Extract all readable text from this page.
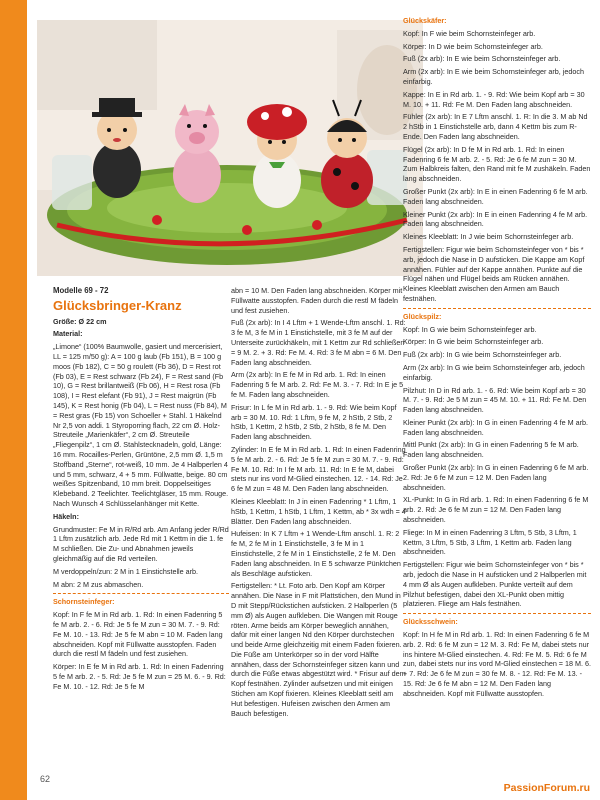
Modelle 69 - 72
Glücksbringer-Kranz

Größe: Ø 22 cm

Material:

„Limone“ (100% Baumwolle, gasiert und mercerisiert, LL = 125 m/50 g): A = 100 g laub (Fb 151), B = 100 g moos (Fb 182), C = 50 g roulett (Fb 36), D = Rest rot (Fb 03), E = Rest schwarz (Fb 24), F = Rest sand (Fb 10), G = Rest brillantweiß (Fb 06), H = Rest rosa (Fb 108), I = Rest elefant (Fb 91), J = Rest maigrün (Fb 145), K = Rest honig (Fb 04), L = Rest nuss (Fb 84), M = Rest gras (Fb 15) von Schoeller + Stahl. 1 Häkelnd Nr 2,5 von addi. 1 Styroporring flach, 22 cm Ø. Holz-Streuteile „Marienkäfer“, 2 cm Ø. Streuteile „Fliegenpilz“, 1 cm Ø. Stahlstecknadeln, gold, Länge: 16 mm. Rocailles-Perlen, Grüntöne, 2,5 mm Ø. 1,5 m Stoffband „Sterne“, rot-weiß, 10 mm. Je 4 Halbperlen 4 und 5 mm, schwarz, 4 + 5 mm. Füllwatte, beige. 80 cm weißes Spitzenband, 10 mm breit. Doppelseitiges Klebeband. 2 Teelichter. Teelichtgläser, 15 mm. Rouge. Nach Wunsch 4 Schlüsselanhänger mit Kette.

Häkeln:

Grundmuster: Fe M in R/Rd arb. Am Anfang jeder R/Rd 1 Lftm zusätzlich arb. Jede Rd mit 1 Kettm in die 1. fe M schließen. Die Zu- und Abnahmen jeweils gleichmäßig auf die Rd verteilen.

M verdoppeln/zun: 2 M in 1 Einstichstelle arb.

M abn: 2 M zus abmaschen.

Schornsteinfeger:

Kopf: In F fe M in Rd arb. 1. Rd: In einen Fadenring 5 fe M arb. 2. - 6. Rd: Je 5 fe M zun = 30 M. 7. - 9. Rd: Fe M. 10. - 13. Rd: Je 5 fe M abn = 10 M. Faden lang abschneiden. Kopf mit Füllwatte ausstopfen. Faden durch die restl M fädeln und fest zusiehen.

Körper: In E fe M in Rd arb. 1. Rd: In einen Fadenring 5 fe M arb. 2. - 5. Rd: Je 5 fe M zun = 25 M. 6. - 9. Rd: Fe M. 10. - 12. Rd: Je 5 fe M

abn = 10 M. Den Faden lang abschneiden. Körper mit Füllwatte ausstopfen. Faden durch die restl M fädeln und fest zusiehen.

Fuß (2x arb): In I 4 Lftm + 1 Wende-Lftm anschl. 1. Rd: 3 fe M, 3 fe M in 1 Einstichstelle, mit 3 fe M auf der Unterseite zurückhäkeln, mit 1 Kettm zur Rd schließen = 9 M. 2. + 3. Rd: Fe M. 4. Rd: 3 fe M abn = 6 M. Den Faden lang abschneiden.

Arm (2x arb): In E fe M in Rd arb. 1. Rd: In einen Fadenring 5 fe M arb. 2. Rd: Fe M. 3. - 7. Rd: In E je 5 fe M. Faden lang abschneiden.

Frisur: In L fe M in Rd arb. 1. - 9. Rd: Wie beim Kopf arb = 30 M. 10. Rd: 1 Lftm, 9 fe M, 2 hStb, 2 Stb, 2 hStb, 1 Kettm, 2 hStb, 2 Stb, 2 hStb, 8 fe M. Den Faden lang abschneiden.

Zylinder: In E fe M in Rd arb. 1. Rd: In einen Fadenring 5 fe M arb. 2. - 6. Rd: Je 5 fe M zun = 30 M. 7. - 9. Rd: Fe M. 10. Rd: In I fe M arb. 11. Rd: In E fe M, dabei stets nur ins vord M-Glied einstechen. 12. - 14. Rd: Je 6 fe M zun = 48 M. Den Faden lang abschneiden.

Kleines Kleeblatt: In J in einen Fadenring * 1 Lftm, 1 hStb, 1 Kettm, 1 hStb, 1 Lftm, 1 Kettm, ab * 3x wdh = 4 Blätter. Den Faden lang abschneiden.

Hufeisen: In K 7 Lftm + 1 Wende-Lftm anschl. 1. R: 2 fe M, 2 fe M in 1 Einstichstelle, 3 fe M in 1 Einstichstelle, 2 fe M in 1 Einstichstelle, 2 fe M. Den Faden lang abschneiden. In E 5 schwarze Pünktchen als Beschläge aufsticken.

Fertigstellen: * Lt. Foto arb. Den Kopf am Körper annähen. Die Nase in F mit Plattstichen, den Mund in D mit Stepp/Rückstichen aufsticken. 2 Halbperlen (5 mm Ø) als Augen aufkleben. Die Wangen mit Rouge röten. Arme beids am Körper beweglich annähen, dafür mit einer langen Nd den Körper durchstechen und beide Arme gleichzeitig mit einem Faden fixieren. Die Füße am Unterkörper so in der vord Hälfte annähen, dass der Schornsteinfeger sitzen kann und durch die Füße etwas abgestützt wird. * Frisur auf dem Kopf festnähen. Zylinder aufsetzen und mit einigen Stichen am Kopf fixieren. Kleines Kleeblatt seitl am Hut befestigen. Hufeisen zwischen den Armen am Bauch befestigen.

Glückskäfer:

Kopf: In F wie beim Schornsteinfeger arb.

Körper: In D wie beim Schornsteinfeger arb.

Fuß (2x arb): In E wie beim Schornsteinfeger arb.

Arm (2x arb): In E wie beim Schornsteinfeger arb, jedoch einfarbig.

Kappe: In E in Rd arb. 1. - 9. Rd: Wie beim Kopf arb = 30 M. 10. + 11. Rd: Fe M. Den Faden lang abschneiden.

Fühler (2x arb): In E 7 Lftm anschl. 1. R: In die 3. M ab Nd 2 hStb in 1 Einstichstelle arb, dann 4 Kettm bis zum R-Ende. Den Faden lang abschneiden.

Flügel (2x arb): In D fe M in Rd arb. 1. Rd: In einen Fadenring 6 fe M arb. 2. - 5. Rd: Je 6 fe M zun = 30 M. Zum Halbkreis falten, den Rand mit fe M zushäkeln. Faden lang abschneiden.

Großer Punkt (2x arb): In E in einen Fadenring 6 fe M arb. Faden lang abschneiden.

Kleiner Punkt (2x arb): In E in einen Fadenring 4 fe M arb. Faden lang abschneiden.

Kleines Kleeblatt: In J wie beim Schornsteinfeger arb.

Fertigstellen: Figur wie beim Schornsteinfeger von * bis * arb, jedoch die Nase in D aufsticken. Die Kappe am Kopf annähen. Fühler auf der Kappe annähen. Punkte auf die Flügel nähen und Flügel beids am Rücken annähen. Kleines Kleeblatt zwischen den Armen am Bauch festnähen.

Glückspilz:

Kopf: In G wie beim Schornsteinfeger arb.

Körper: In G wie beim Schornsteinfeger arb.

Fuß (2x arb): In G wie beim Schornsteinfeger arb.

Arm (2x arb): In G wie beim Schornsteinfeger arb, jedoch einfarbig.

Pilzhut: In D in Rd arb. 1. - 6. Rd: Wie beim Kopf arb = 30 M. 7. - 9. Rd: Je 5 M zun = 45 M. 10. + 11. Rd: Fe M. Den Faden lang abschneiden.

Kleiner Punkt (2x arb): In G in einen Fadenring 4 fe M arb. Faden lang abschneiden.

Mittl Punkt (2x arb): In G in einen Fadenring 5 fe M arb. Faden lang abschneiden.

Großer Punkt (2x arb): In G in einen Fadenring 6 fe M arb. 2. Rd: Je 6 fe M zun = 12 M. Den Faden lang abschneiden.

XL-Punkt: In G in Rd arb. 1. Rd: In einen Fadenring 6 fe M arb. 2. Rd: Je 6 fe M zun = 12 M. Den Faden lang abschneiden.

Fliege: In M in einen Fadenring 3 Lftm, 5 Stb, 3 Lftm, 1 Kettm, 3 Lftm, 5 Stb, 3 Lftm, 1 Kettm arb. Faden lang abschneiden.

Fertigstellen: Figur wie beim Schornsteinfeger von * bis * arb, jedoch die Nase in H aufsticken und 2 Halbperlen mit 4 mm Ø als Augen aufkleben. Punkte verteilt auf dem Pilzhut befestigen, dabei den XL-Punkt oben mittig platzieren. Fliege am Hals festnähen.

Glücksschwein:

Kopf: In H fe M in Rd arb. 1. Rd: In einen Fadenring 6 fe M arb. 2. Rd: 6 fe M zun = 12 M. 3. Rd: Fe M, dabei stets nur ins hintere M-Glied einstechen. 4. Rd: Fe M. 5. Rd: 6 fe M zun, dabei stets nur ins vord M-Glied einstechen = 18 M. 6. + 7. Rd: Je 6 fe M zun = 30 fe M. 8. - 12. Rd: Fe M. 13. - 15. Rd: Je 6 fe M abn = 12 M. Den Faden lang abschneiden. Kopf mit Füllwatte ausstopfen.

62
PassionForum.ru
